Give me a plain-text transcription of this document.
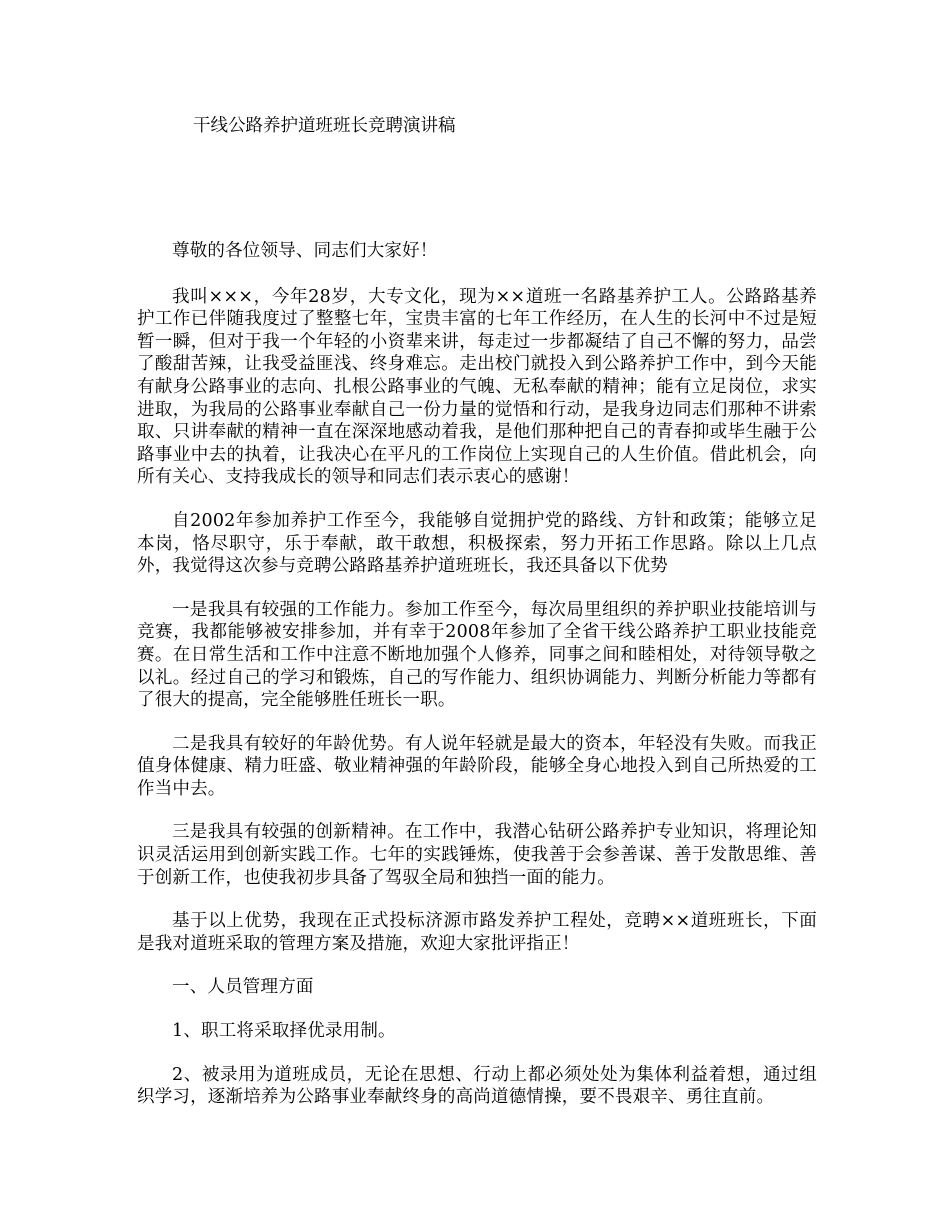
干线公路养护道班班长竞聘演讲稿

尊敬的各位领导、同志们大家好！

我叫×××，今年28岁，大专文化，现为××道班一名路基养护工人。公路路基养护工作已伴随我度过了整整七年，宝贵丰富的七年工作经历，在人生的长河中不过是短暂一瞬，但对于我一个年轻的小资辈来讲，每走过一步都凝结了自己不懈的努力，品尝了酸甜苦辣，让我受益匪浅、终身难忘。走出校门就投入到公路养护工作中，到今天能有献身公路事业的志向、扎根公路事业的气魄、无私奉献的精神；能有立足岗位，求实进取，为我局的公路事业奉献自己一份力量的觉悟和行动，是我身边同志们那种不讲索取、只讲奉献的精神一直在深深地感动着我，是他们那种把自己的青春抑或毕生融于公路事业中去的执着，让我决心在平凡的工作岗位上实现自己的人生价值。借此机会，向所有关心、支持我成长的领导和同志们表示衷心的感谢！

自2002年参加养护工作至今，我能够自觉拥护党的路线、方针和政策；能够立足本岗，恪尽职守，乐于奉献，敢干敢想，积极探索，努力开拓工作思路。除以上几点外，我觉得这次参与竞聘公路路基养护道班班长，我还具备以下优势

一是我具有较强的工作能力。参加工作至今，每次局里组织的养护职业技能培训与竞赛，我都能够被安排参加，并有幸于2008年参加了全省干线公路养护工职业技能竞赛。在日常生活和工作中注意不断地加强个人修养，同事之间和睦相处，对待领导敬之以礼。经过自己的学习和锻炼，自己的写作能力、组织协调能力、判断分析能力等都有了很大的提高，完全能够胜任班长一职。

二是我具有较好的年龄优势。有人说年轻就是最大的资本，年轻没有失败。而我正值身体健康、精力旺盛、敬业精神强的年龄阶段，能够全身心地投入到自己所热爱的工作当中去。

三是我具有较强的创新精神。在工作中，我潜心钻研公路养护专业知识，将理论知识灵活运用到创新实践工作。七年的实践锤炼，使我善于会参善谋、善于发散思维、善于创新工作，也使我初步具备了驾驭全局和独挡一面的能力。

基于以上优势，我现在正式投标济源市路发养护工程处，竞聘××道班班长，下面是我对道班采取的管理方案及措施，欢迎大家批评指正！

一、人员管理方面

1、职工将采取择优录用制。

2、被录用为道班成员，无论在思想、行动上都必须处处为集体利益着想，通过组织学习，逐渐培养为公路事业奉献终身的高尚道德情操，要不畏艰辛、勇往直前。
